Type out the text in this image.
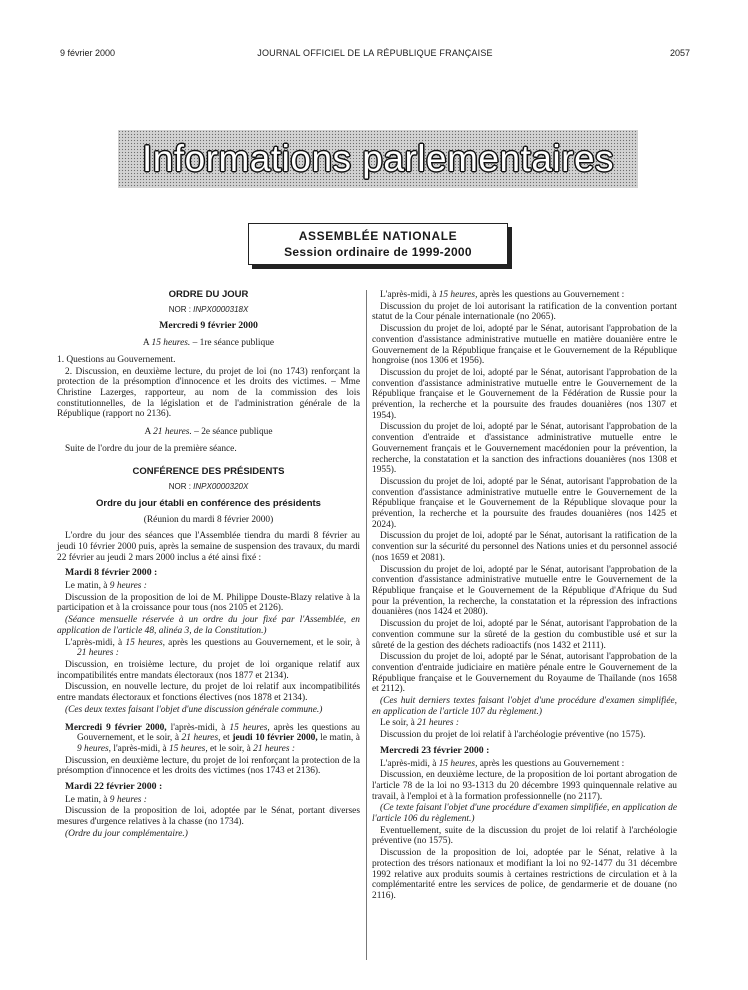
9 février 2000	JOURNAL OFFICIEL DE LA RÉPUBLIQUE FRANÇAISE	2057
Informations parlementaires
ASSEMBLÉE NATIONALE
Session ordinaire de 1999-2000
ORDRE DU JOUR
NOR : INPX0000318X
Mercredi 9 février 2000
A 15 heures. – 1re séance publique
1. Questions au Gouvernement.
2. Discussion, en deuxième lecture, du projet de loi (no 1743) renforçant la protection de la présomption d'innocence et les droits des victimes. – Mme Christine Lazerges, rapporteur, au nom de la commission des lois constitutionnelles, de la législation et de l'administration générale de la République (rapport no 2136).
A 21 heures. – 2e séance publique
Suite de l'ordre du jour de la première séance.
CONFÉRENCE DES PRÉSIDENTS
NOR : INPX0000320X
Ordre du jour établi en conférence des présidents
(Réunion du mardi 8 février 2000)
L'ordre du jour des séances que l'Assemblée tiendra du mardi 8 février au jeudi 10 février 2000 puis, après la semaine de suspension des travaux, du mardi 22 février au jeudi 2 mars 2000 inclus a été ainsi fixé :
Mardi 8 février 2000 :
Le matin, à 9 heures :
Discussion de la proposition de loi de M. Philippe Douste-Blazy relative à la participation et à la croissance pour tous (nos 2105 et 2126).
(Séance mensuelle réservée à un ordre du jour fixé par l'Assemblée, en application de l'article 48, alinéa 3, de la Constitution.)
L'après-midi, à 15 heures, après les questions au Gouvernement, et le soir, à 21 heures :
Discussion, en troisième lecture, du projet de loi organique relatif aux incompatibilités entre mandats électoraux (nos 1877 et 2134).
Discussion, en nouvelle lecture, du projet de loi relatif aux incompatibilités entre mandats électoraux et fonctions électives (nos 1878 et 2134).
(Ces deux textes faisant l'objet d'une discussion générale commune.)
Mercredi 9 février 2000, l'après-midi, à 15 heures, après les questions au Gouvernement, et le soir, à 21 heures, et jeudi 10 février 2000, le matin, à 9 heures, l'après-midi, à 15 heures, et le soir, à 21 heures :
Discussion, en deuxième lecture, du projet de loi renforçant la protection de la présomption d'innocence et les droits des victimes (nos 1743 et 2136).
Mardi 22 février 2000 :
Le matin, à 9 heures :
Discussion de la proposition de loi, adoptée par le Sénat, portant diverses mesures d'urgence relatives à la chasse (no 1734).
(Ordre du jour complémentaire.)
L'après-midi, à 15 heures, après les questions au Gouvernement :
Discussion du projet de loi autorisant la ratification de la convention portant statut de la Cour pénale internationale (no 2065).
Discussion du projet de loi, adopté par le Sénat, autorisant l'approbation de la convention d'assistance administrative mutuelle en matière douanière entre le Gouvernement de la République française et le Gouvernement de la République hongroise (nos 1306 et 1956).
Discussion du projet de loi, adopté par le Sénat, autorisant l'approbation de la convention d'assistance administrative mutuelle entre le Gouvernement de la République française et le Gouvernement de la Fédération de Russie pour la prévention, la recherche et la poursuite des fraudes douanières (nos 1307 et 1954).
Discussion du projet de loi, adopté par le Sénat, autorisant l'approbation de la convention d'entraide et d'assistance administrative mutuelle entre le Gouvernement français et le Gouvernement macédonien pour la prévention, la recherche, la constatation et la sanction des infractions douanières (nos 1308 et 1955).
Discussion du projet de loi, adopté par le Sénat, autorisant l'approbation de la convention d'assistance administrative mutuelle entre le Gouvernement de la République française et le Gouvernement de la République slovaque pour la prévention, la recherche et la poursuite des fraudes douanières (nos 1425 et 2024).
Discussion du projet de loi, adopté par le Sénat, autorisant la ratification de la convention sur la sécurité du personnel des Nations unies et du personnel associé (nos 1659 et 2081).
Discussion du projet de loi, adopté par le Sénat, autorisant l'approbation de la convention d'assistance administrative mutuelle entre le Gouvernement de la République française et le Gouvernement de la République d'Afrique du Sud pour la prévention, la recherche, la constatation et la répression des infractions douanières (nos 1424 et 2080).
Discussion du projet de loi, adopté par le Sénat, autorisant l'approbation de la convention commune sur la sûreté de la gestion du combustible usé et sur la sûreté de la gestion des déchets radioactifs (nos 1432 et 2111).
Discussion du projet de loi, adopté par le Sénat, autorisant l'approbation de la convention d'entraide judiciaire en matière pénale entre le Gouvernement de la République française et le Gouvernement du Royaume de Thaïlande (nos 1658 et 2112).
(Ces huit derniers textes faisant l'objet d'une procédure d'examen simplifiée, en application de l'article 107 du règlement.)
Le soir, à 21 heures :
Discussion du projet de loi relatif à l'archéologie préventive (no 1575).
Mercredi 23 février 2000 :
L'après-midi, à 15 heures, après les questions au Gouvernement :
Discussion, en deuxième lecture, de la proposition de loi portant abrogation de l'article 78 de la loi no 93-1313 du 20 décembre 1993 quinquennale relative au travail, à l'emploi et à la formation professionnelle (no 2117).
(Ce texte faisant l'objet d'une procédure d'examen simplifiée, en application de l'article 106 du règlement.)
Eventuellement, suite de la discussion du projet de loi relatif à l'archéologie préventive (no 1575).
Discussion de la proposition de loi, adoptée par le Sénat, relative à la protection des trésors nationaux et modifiant la loi no 92-1477 du 31 décembre 1992 relative aux produits soumis à certaines restrictions de circulation et à la complémentarité entre les services de police, de gendarmerie et de douane (no 2116).
